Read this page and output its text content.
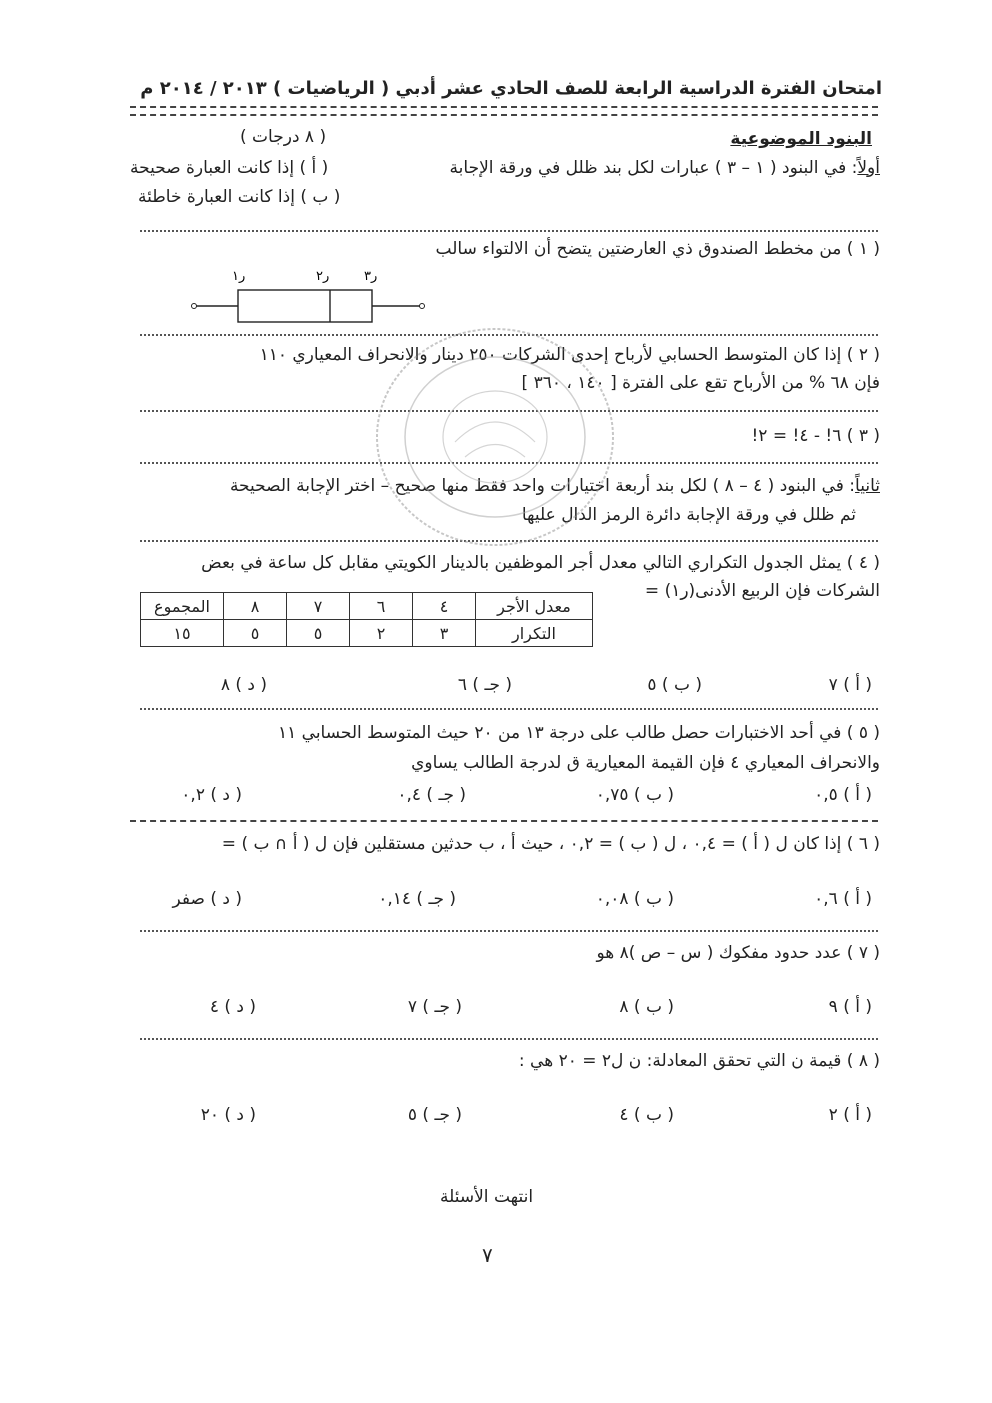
امتحان الفترة الدراسية الرابعة للصف الحادي عشر أدبي ( الرياضيات ) ٢٠١٣ / ٢٠١٤ م
البنود الموضوعية
( ٨ درجات )
أولاً: في البنود ( ١ – ٣ ) عبارات لكل بند ظلل في ورقة الإجابة
( أ ) إذا كانت العبارة صحيحة
( ب ) إذا كانت العبارة خاطئة
( ١ ) من مخطط الصندوق ذي العارضتين يتضح أن الالتواء سالب
ر١	ر٢	ر٣
( ٢ ) إذا كان المتوسط الحسابي لأرباح إحدى الشركات ٢٥٠ دينار والانحراف المعياري ١١٠
فإن ٦٨ % من الأرباح تقع على الفترة [ ١٤٠ ، ٣٦٠ ]
( ٣ ) ٦! - ٤! = ٢!
ثانياً: في البنود ( ٤ – ٨ ) لكل بند أربعة اختيارات واحد فقط منها صحيح – اختر الإجابة الصحيحة
ثم ظلل في ورقة الإجابة دائرة الرمز الدال عليها
( ٤ ) يمثل الجدول التكراري التالي معدل أجر الموظفين بالدينار الكويتي مقابل كل ساعة في بعض
الشركات فإن الربيع الأدنى(ر١) =
معدل الأجر	٤	٦	٧	٨	المجموع
التكرار	٣	٢	٥	٥	١٥
( أ ) ٧
( ب ) ٥
( جـ ) ٦
( د ) ٨
( ٥ ) في أحد الاختبارات حصل طالب على درجة ١٣ من ٢٠ حيث المتوسط الحسابي ١١
والانحراف المعياري ٤ فإن القيمة المعيارية ق لدرجة الطالب يساوي
( أ ) ٠,٥
( ب ) ٠,٧٥
( جـ ) ٠,٤
( د ) ٠,٢
( ٦ ) إذا كان ل ( أ ) = ٠,٤ ، ل ( ب ) = ٠,٢ ، حيث أ ، ب حدثين مستقلين فإن ل ( أ ∩ ب ) =
( أ ) ٠,٦
( ب ) ٠,٠٨
( جـ ) ٠,١٤
( د ) صفر
( ٧ ) عدد حدود مفكوك ( س – ص )٨ هو
( أ ) ٩
( ب ) ٨
( جـ ) ٧
( د ) ٤
( ٨ ) قيمة ن التي تحقق المعادلة: ن ل٢ = ٢٠ هي :
( أ ) ٢
( ب ) ٤
( جـ ) ٥
( د ) ٢٠
انتهت الأسئلة
٧
